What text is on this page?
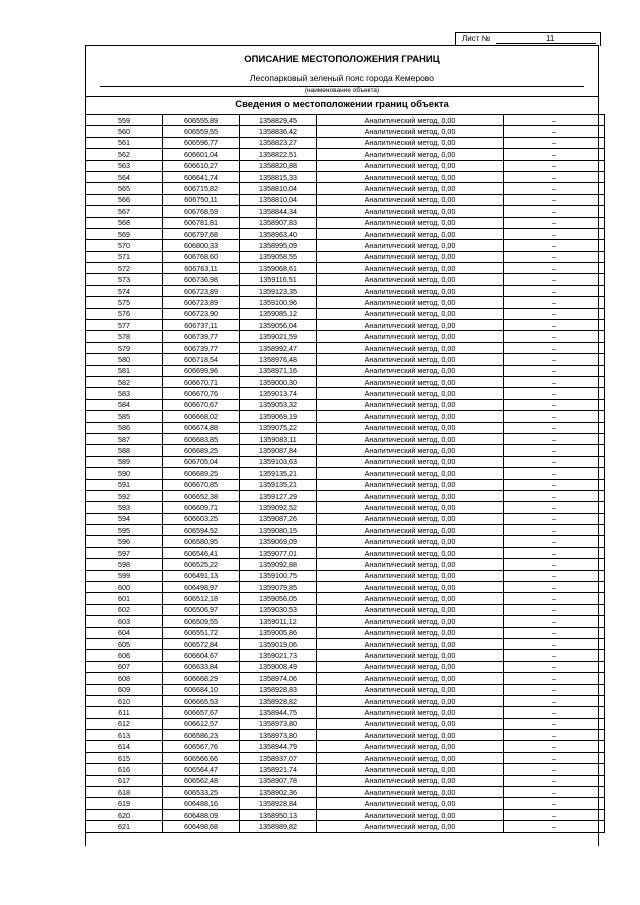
Лист №	11
ОПИСАНИЕ МЕСТОПОЛОЖЕНИЯ ГРАНИЦ
Лесопарковый зеленый пояс города Кемерово
(наименование объекта)
Сведения о местоположении границ объекта
559	606555,89	1358829,45	Аналитический метод, 0,00	–
560	606559,55	1358836,42	Аналитический метод, 0,00	–
561	606596,77	1358823,27	Аналитический метод, 0,00	–
562	606601,04	1358822,51	Аналитический метод, 0,00	–
563	606610,27	1358820,88	Аналитический метод, 0,00	–
564	606641,74	1358815,33	Аналитический метод, 0,00	–
565	606715,82	1358810,04	Аналитический метод, 0,00	–
566	606750,11	1358810,04	Аналитический метод, 0,00	–
567	606768,59	1358844,34	Аналитический метод, 0,00	–
568	606781,81	1358907,83	Аналитический метод, 0,00	–
569	606797,68	1358963,40	Аналитический метод, 0,00	–
570	606800,33	1358995,09	Аналитический метод, 0,00	–
571	606768,60	1359058,55	Аналитический метод, 0,00	–
572	606763,11	1359068,61	Аналитический метод, 0,00	–
573	606736,98	1359116,51	Аналитический метод, 0,00	–
574	606723,89	1359123,35	Аналитический метод, 0,00	–
575	606723,89	1359100,96	Аналитический метод, 0,00	–
576	606723,90	1359085,12	Аналитический метод, 0,00	–
577	606737,11	1359056,04	Аналитический метод, 0,00	–
578	606739,77	1359021,59	Аналитический метод, 0,00	–
579	606739,77	1358992,47	Аналитический метод, 0,00	–
580	606718,54	1358976,48	Аналитический метод, 0,00	–
581	606699,96	1358971,16	Аналитический метод, 0,00	–
582	606670,71	1359000,30	Аналитический метод, 0,00	–
583	606670,76	1359013,74	Аналитический метод, 0,00	–
584	606670,67	1359053,32	Аналитический метод, 0,00	–
585	606668,02	1359069,19	Аналитический метод, 0,00	–
586	606674,88	1359075,22	Аналитический метод, 0,00	–
587	606683,85	1359083,11	Аналитический метод, 0,00	–
588	606689,25	1359087,84	Аналитический метод, 0,00	–
589	606705,04	1359103,63	Аналитический метод, 0,00	–
590	606689,25	1359135,21	Аналитический метод, 0,00	–
591	606670,85	1359135,21	Аналитический метод, 0,00	–
592	606652,38	1359127,29	Аналитический метод, 0,00	–
593	606609,71	1359092,52	Аналитический метод, 0,00	–
594	606603,25	1359087,26	Аналитический метод, 0,00	–
595	606594,52	1359080,15	Аналитический метод, 0,00	–
596	606580,95	1359069,09	Аналитический метод, 0,00	–
597	606546,41	1359077,01	Аналитический метод, 0,00	–
598	606525,22	1359092,88	Аналитический метод, 0,00	–
599	606491,13	1359100,75	Аналитический метод, 0,00	–
600	606498,97	1359079,85	Аналитический метод, 0,00	–
601	606512,18	1359056,05	Аналитический метод, 0,00	–
602	606506,97	1359030,53	Аналитический метод, 0,00	–
603	606509,55	1359011,12	Аналитический метод, 0,00	–
604	606551,72	1359005,86	Аналитический метод, 0,00	–
605	606572,84	1359019,06	Аналитический метод, 0,00	–
606	606604,67	1359021,73	Аналитический метод, 0,00	–
607	606633,84	1359008,49	Аналитический метод, 0,00	–
608	606668,29	1358974,06	Аналитический метод, 0,00	–
609	606684,10	1358928,83	Аналитический метод, 0,00	–
610	606665,53	1358928,82	Аналитический метод, 0,00	–
611	606657,67	1358944,75	Аналитический метод, 0,00	–
612	606612,57	1358973,80	Аналитический метод, 0,00	–
613	606586,23	1358973,80	Аналитический метод, 0,00	–
614	606567,76	1358944,79	Аналитический метод, 0,00	–
615	606566,66	1358937,07	Аналитический метод, 0,00	–
616	606564,47	1358921,74	Аналитический метод, 0,00	–
617	606562,48	1358907,78	Аналитический метод, 0,00	–
618	606533,25	1358902,36	Аналитический метод, 0,00	–
619	606488,16	1358928,84	Аналитический метод, 0,00	–
620	606488,09	1358950,13	Аналитический метод, 0,00	–
621	606498,68	1358989,82	Аналитический метод, 0,00	–
